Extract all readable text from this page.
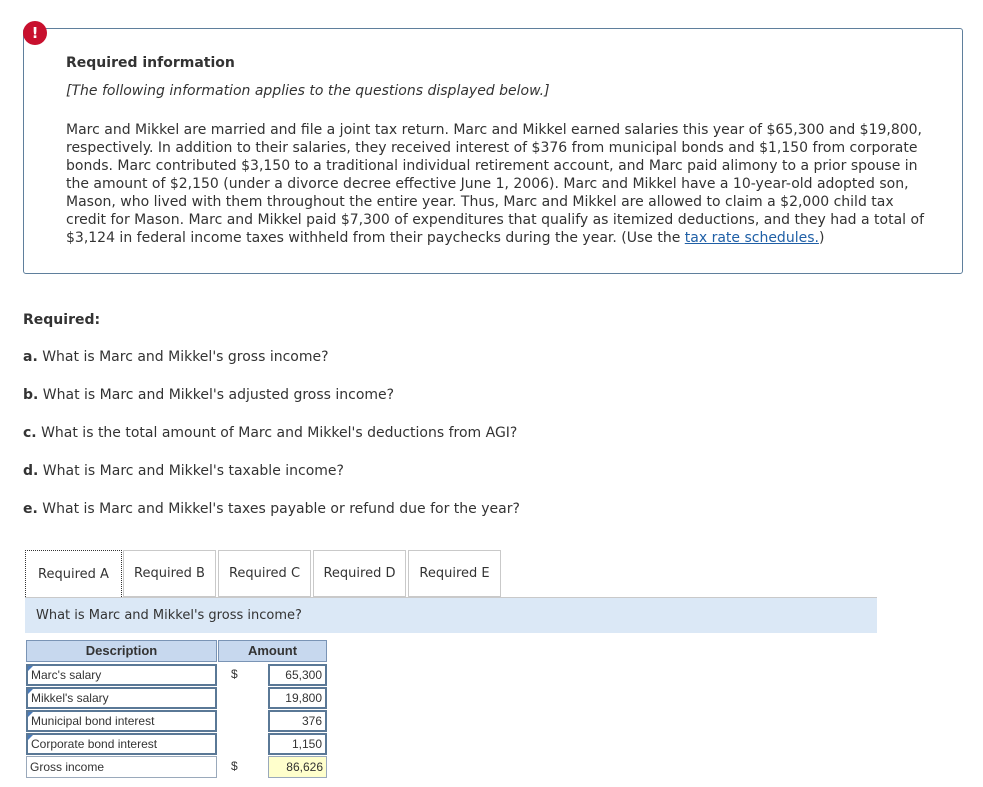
!
Required information
[The following information applies to the questions displayed below.]
Marc and Mikkel are married and file a joint tax return. Marc and Mikkel earned salaries this year of $65,300 and $19,800, respectively. In addition to their salaries, they received interest of $376 from municipal bonds and $1,150 from corporate bonds. Marc contributed $3,150 to a traditional individual retirement account, and Marc paid alimony to a prior spouse in the amount of $2,150 (under a divorce decree effective June 1, 2006). Marc and Mikkel have a 10-year-old adopted son, Mason, who lived with them throughout the entire year. Thus, Marc and Mikkel are allowed to claim a $2,000 child tax credit for Mason. Marc and Mikkel paid $7,300 of expenditures that qualify as itemized deductions, and they had a total of $3,124 in federal income taxes withheld from their paychecks during the year. (Use the tax rate schedules.)
Required:
a. What is Marc and Mikkel's gross income?
b. What is Marc and Mikkel's adjusted gross income?
c. What is the total amount of Marc and Mikkel's deductions from AGI?
d. What is Marc and Mikkel's taxable income?
e. What is Marc and Mikkel's taxes payable or refund due for the year?
Required A	Required B	Required C	Required D	Required E
What is Marc and Mikkel's gross income?
Description	Amount
Marc's salary	$	65,300
Mikkel's salary	19,800
Municipal bond interest	376
Corporate bond interest	1,150
Gross income	$	86,626
